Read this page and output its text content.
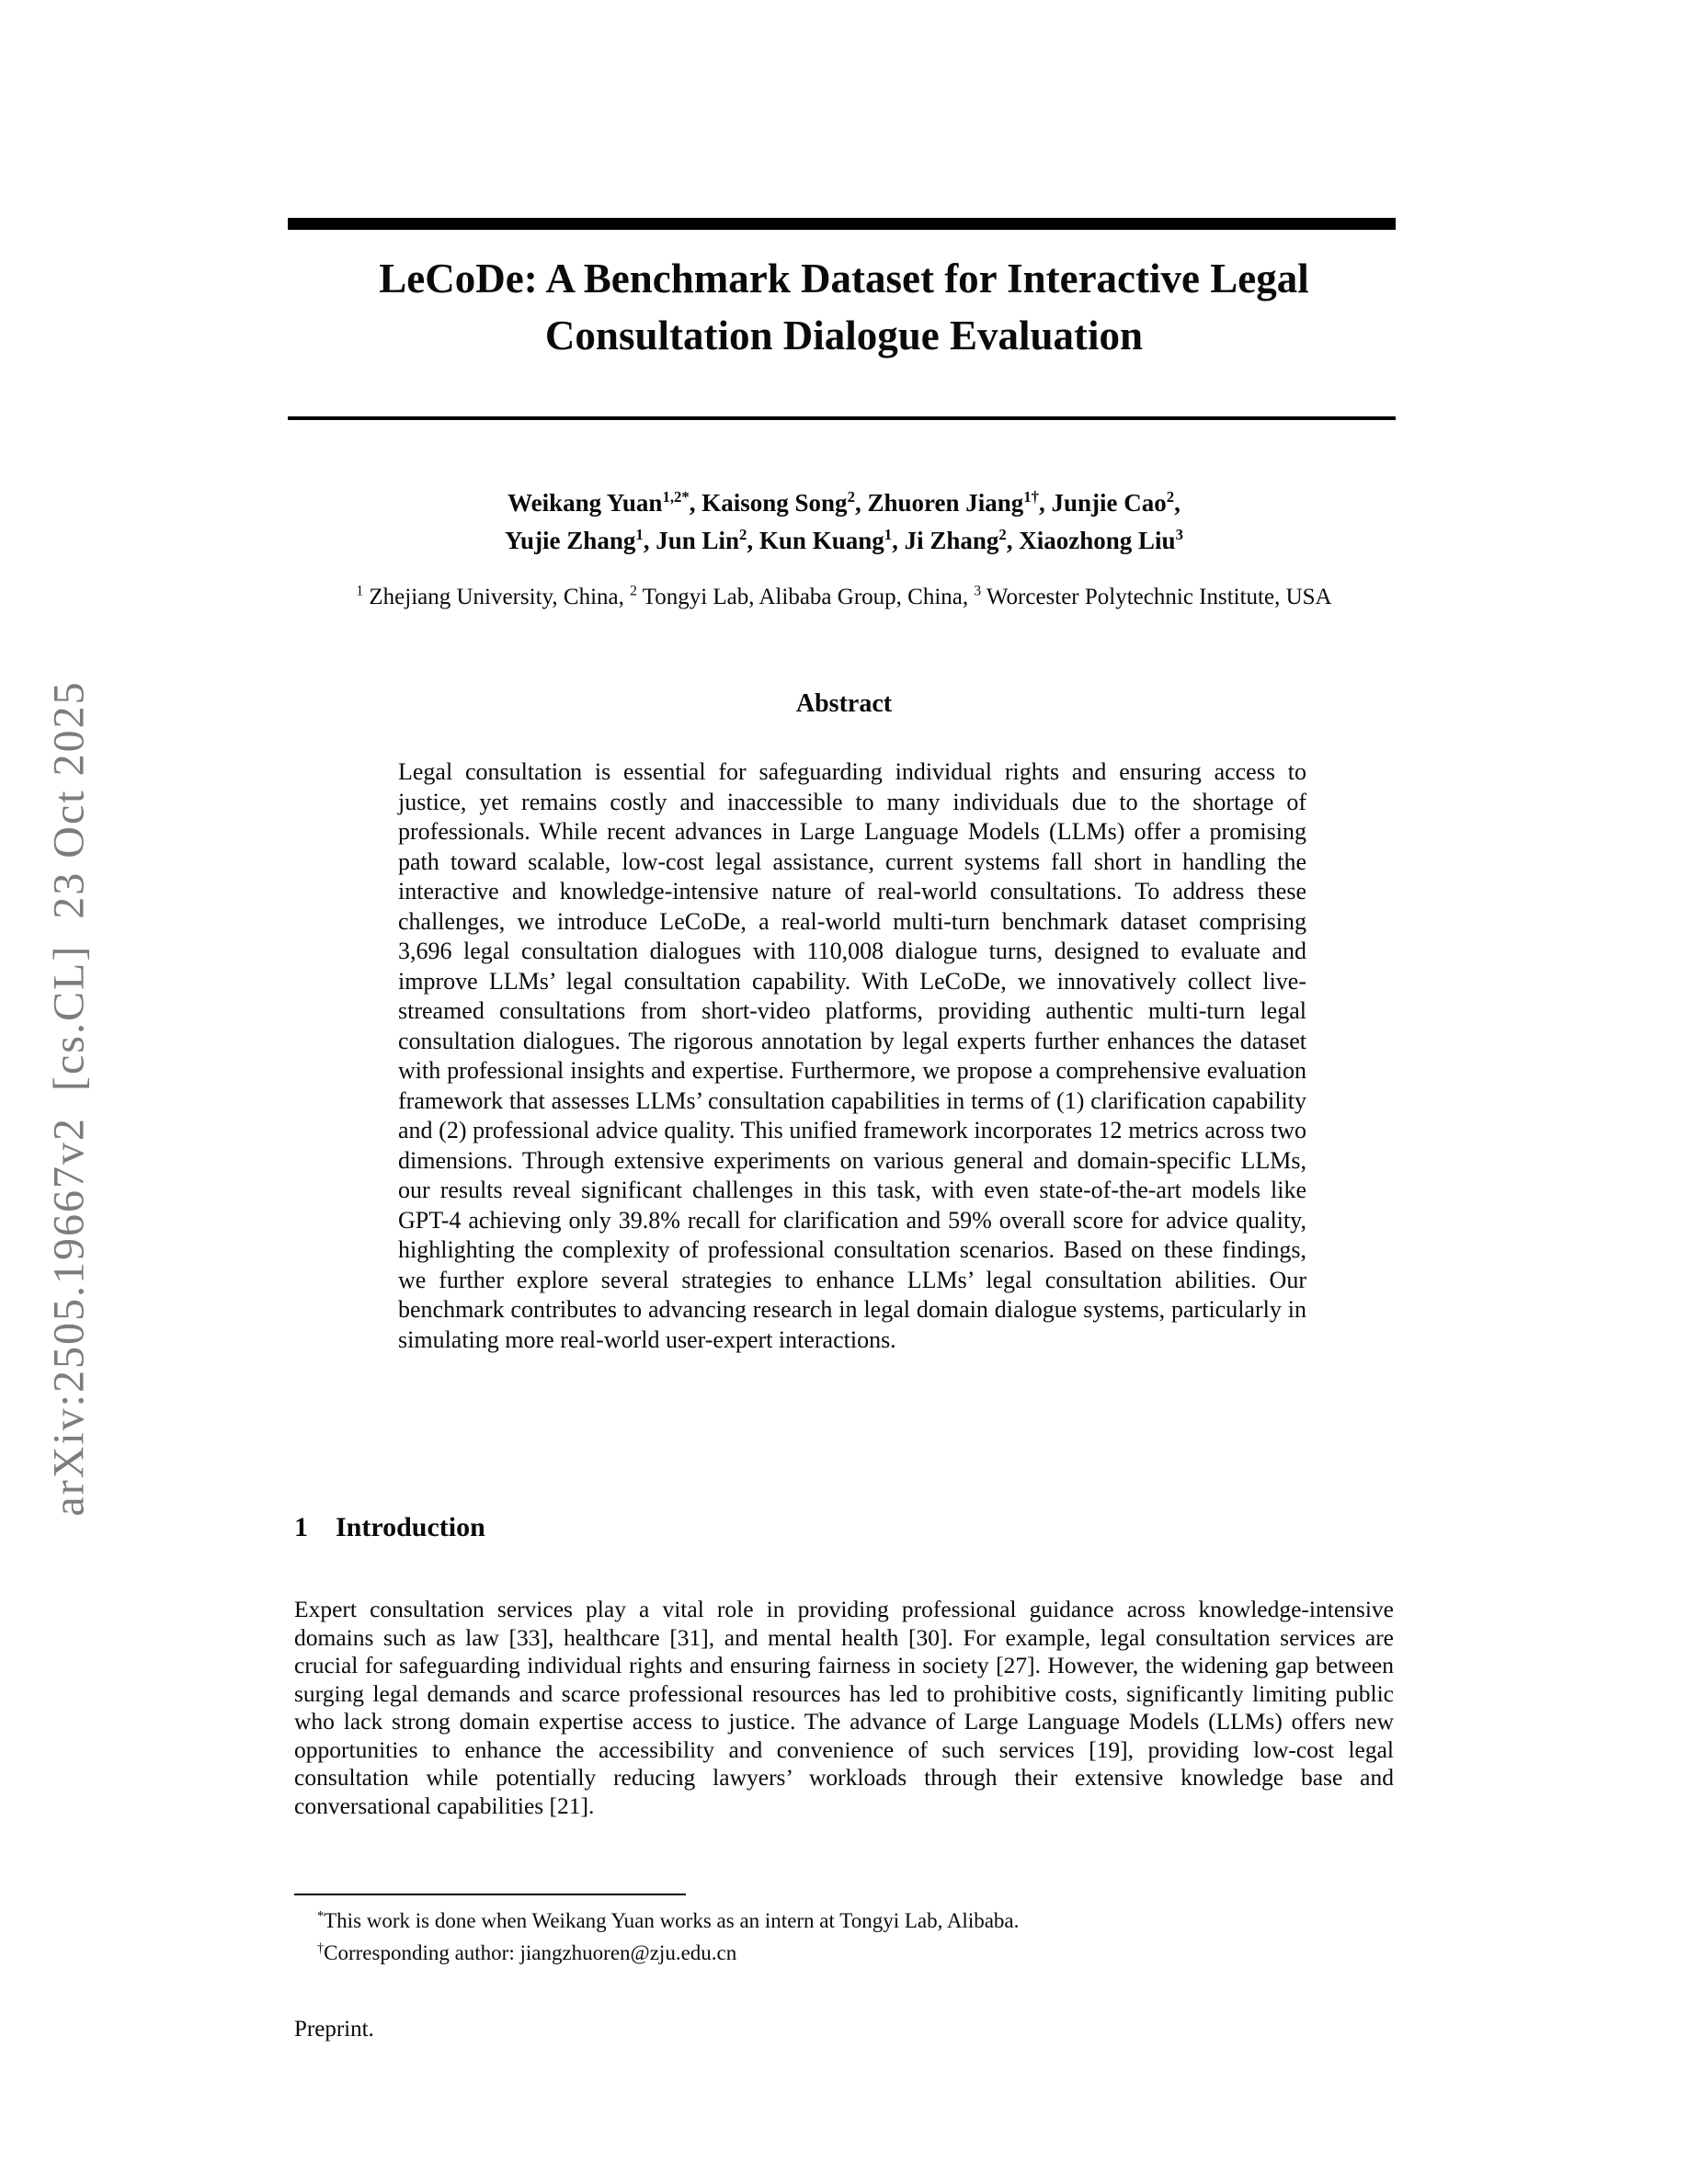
arXiv:2505.19667v2  [cs.CL]  23 Oct 2025
LeCoDe: A Benchmark Dataset for Interactive Legal Consultation Dialogue Evaluation
Weikang Yuan$^{1,2*}$, Kaisong Song$^2$, Zhuoren Jiang$^{1\dagger}$, Junjie Cao$^2$,
Yujie Zhang$^1$, Jun Lin$^2$, Kun Kuang$^1$, Ji Zhang$^2$, Xiaozhong Liu$^3$
$^1$ Zhejiang University, China, $^2$ Tongyi Lab, Alibaba Group, China, $^3$ Worcester Polytechnic Institute, USA
Abstract
Legal consultation is essential for safeguarding individual rights and ensuring access to justice, yet remains costly and inaccessible to many individuals due to the shortage of professionals. While recent advances in Large Language Models (LLMs) offer a promising path toward scalable, low-cost legal assistance, current systems fall short in handling the interactive and knowledge-intensive nature of real-world consultations. To address these challenges, we introduce LeCoDe, a real-world multi-turn benchmark dataset comprising 3,696 legal consultation dialogues with 110,008 dialogue turns, designed to evaluate and improve LLMs’ legal consultation capability. With LeCoDe, we innovatively collect live-streamed consultations from short-video platforms, providing authentic multi-turn legal consultation dialogues. The rigorous annotation by legal experts further enhances the dataset with professional insights and expertise. Furthermore, we propose a comprehensive evaluation framework that assesses LLMs’ consultation capabilities in terms of (1) clarification capability and (2) professional advice quality. This unified framework incorporates 12 metrics across two dimensions. Through extensive experiments on various general and domain-specific LLMs, our results reveal significant challenges in this task, with even state-of-the-art models like GPT-4 achieving only 39.8% recall for clarification and 59% overall score for advice quality, highlighting the complexity of professional consultation scenarios. Based on these findings, we further explore several strategies to enhance LLMs’ legal consultation abilities. Our benchmark contributes to advancing research in legal domain dialogue systems, particularly in simulating more real-world user-expert interactions.
1 Introduction
Expert consultation services play a vital role in providing professional guidance across knowledge-intensive domains such as law [33], healthcare [31], and mental health [30]. For example, legal consultation services are crucial for safeguarding individual rights and ensuring fairness in society [27]. However, the widening gap between surging legal demands and scarce professional resources has led to prohibitive costs, significantly limiting public who lack strong domain expertise access to justice. The advance of Large Language Models (LLMs) offers new opportunities to enhance the accessibility and convenience of such services [19], providing low-cost legal consultation while potentially reducing lawyers’ workloads through their extensive knowledge base and conversational capabilities [21].
*This work is done when Weikang Yuan works as an intern at Tongyi Lab, Alibaba.
†Corresponding author: jiangzhuoren@zju.edu.cn
Preprint.
